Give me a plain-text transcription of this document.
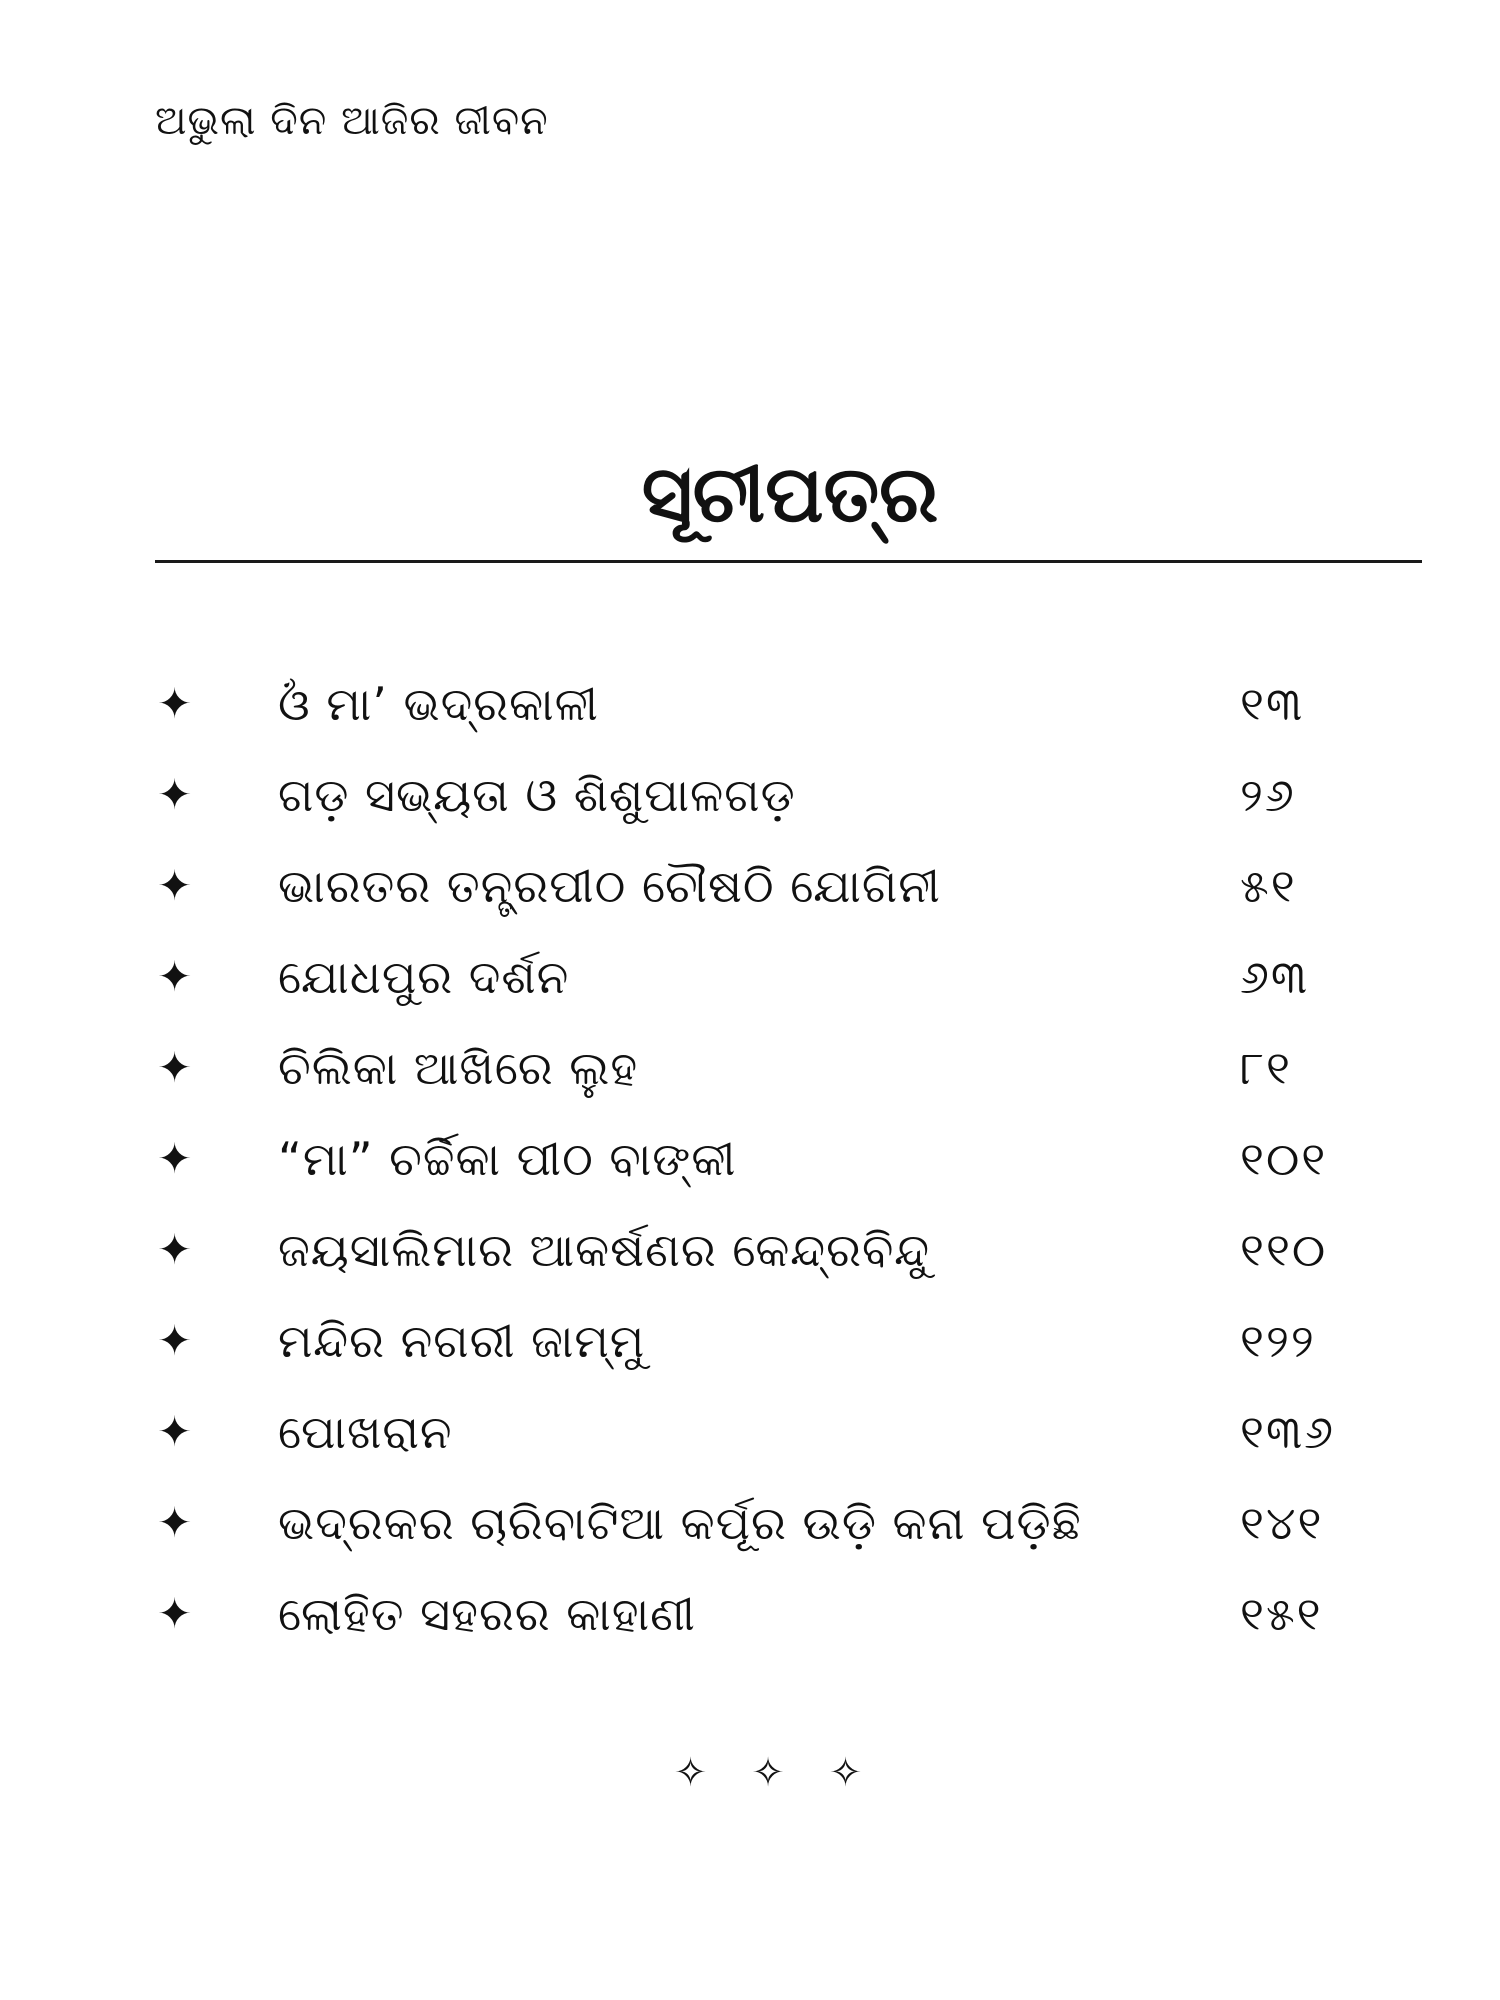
ଅଭୁଲା ଦିନ ଆଜିର ଜୀବନ
ସୂଚୀପତ୍ର
✦ ଓଁ ମା’ ଭଦ୍ରକାଳୀ	୧୩
✦ ଗଡ଼ ସଭ୍ୟତା ଓ ଶିଶୁପାଳଗଡ଼	୨୬
✦ ଭାରତର ତନ୍ତ୍ରପୀଠ ଚୌଷଠି ଯୋଗିନୀ	୫୧
✦ ଯୋଧପୁର ଦର୍ଶନ	୬୩
✦ ଚିଲିକା ଆଖିରେ ଲୁହ	୮୧
✦ “ମା” ଚର୍ଚ୍ଚିକା ପୀଠ ବାଙ୍କୀ	୧୦୧
✦ ଜୟସାଲିମାର ଆକର୍ଷଣର କେନ୍ଦ୍ରବିନ୍ଦୁ	୧୧୦
✦ ମନ୍ଦିର ନଗରୀ ଜାମ୍ମୁ	୧୨୨
✦ ପୋଖରାନ	୧୩୬
✦ ଭଦ୍ରକର ଚାରିବାଟିଆ କର୍ପୂର ଉଡ଼ି କନା ପଡ଼ିଛି	୧୪୧
✦ ଲୋହିତ ସହରର କାହାଣୀ	୧୫୧
✧✧✧
